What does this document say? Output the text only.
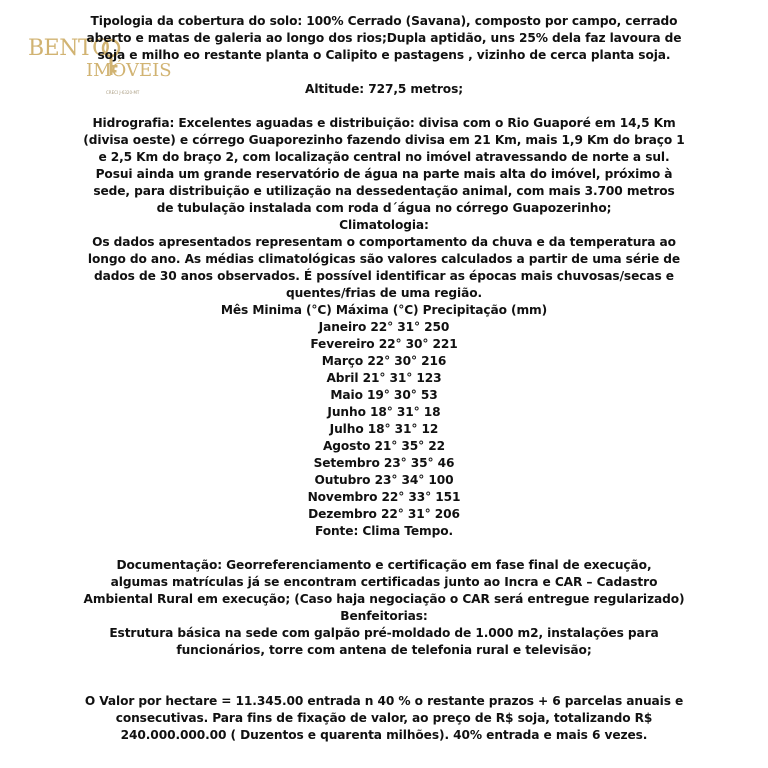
BENTO
IMÓVEIS
CRECI J-6320-MT
Tipologia da cobertura do solo: 100% Cerrado (Savana), composto por campo, cerrado
aberto e matas de galeria ao longo dos rios;Dupla aptidão, uns 25% dela faz lavoura de
soja e milho eo restante planta o Calipito e pastagens , vizinho de cerca planta soja.
Altitude: 727,5 metros;
Hidrografia: Excelentes aguadas e distribuição: divisa com o Rio Guaporé em 14,5 Km
(divisa oeste) e córrego Guaporezinho fazendo divisa em 21 Km, mais 1,9 Km do braço 1
e 2,5 Km do braço 2, com localização central no imóvel atravessando de norte a sul.
Posui ainda um grande reservatório de água na parte mais alta do imóvel, próximo à
sede, para distribuição e utilização na dessedentação animal, com mais 3.700 metros
de tubulação instalada com roda d´água no córrego Guapozerinho;
Climatologia:
Os dados apresentados representam o comportamento da chuva e da temperatura ao
longo do ano. As médias climatológicas são valores calculados a partir de uma série de
dados de 30 anos observados. É possível identificar as épocas mais chuvosas/secas e
quentes/frias de uma região.
Mês Minima (°C) Máxima (°C) Precipitação (mm)
Janeiro 22° 31° 250
Fevereiro 22° 30° 221
Março 22° 30° 216
Abril 21° 31° 123
Maio 19° 30° 53
Junho 18° 31° 18
Julho 18° 31° 12
Agosto 21° 35° 22
Setembro 23° 35° 46
Outubro 23° 34° 100
Novembro 22° 33° 151
Dezembro 22° 31° 206
Fonte: Clima Tempo.
Documentação: Georreferenciamento e certificação em fase final de execução,
algumas matrículas já se encontram certificadas junto ao Incra e CAR – Cadastro
Ambiental Rural em execução; (Caso haja negociação o CAR será entregue regularizado)
Benfeitorias:
Estrutura básica na sede com galpão pré-moldado de 1.000 m2, instalações para
funcionários, torre com antena de telefonia rural e televisão;
O Valor por hectare = 11.345.00 entrada n 40 % o restante prazos + 6 parcelas anuais e
consecutivas. Para fins de fixação de valor, ao preço de R$ soja, totalizando R$
240.000.000.00 ( Duzentos e quarenta milhões). 40% entrada e mais 6 vezes.
